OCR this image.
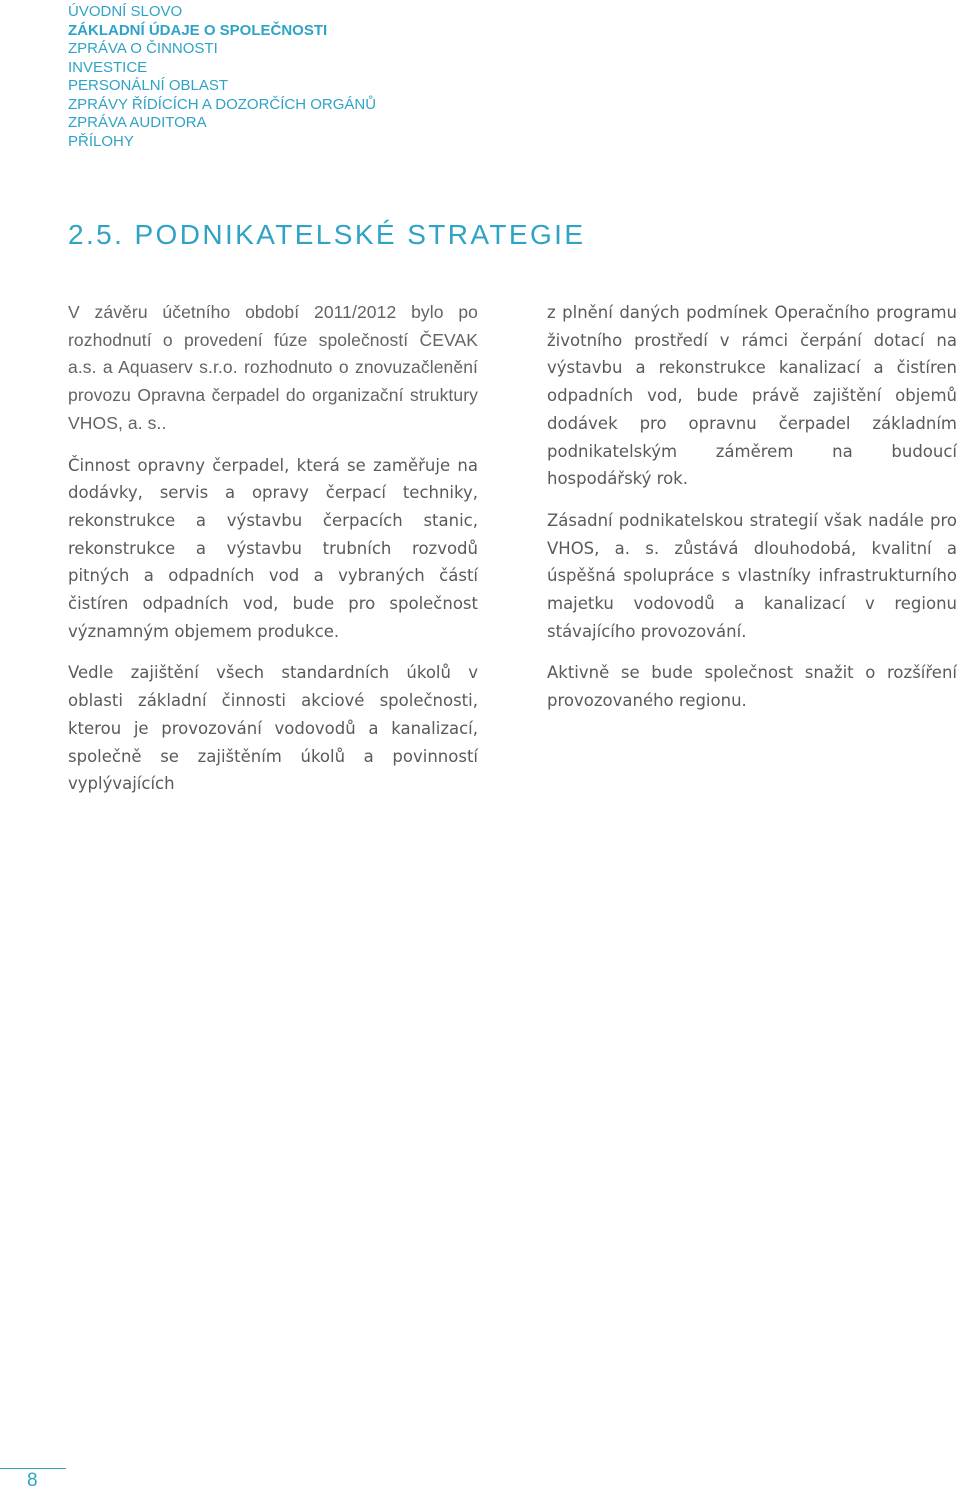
ÚVODNÍ SLOVO
ZÁKLADNÍ ÚDAJE O SPOLEČNOSTI
ZPRÁVA O ČINNOSTI
INVESTICE
PERSONÁLNÍ OBLAST
ZPRÁVY ŘÍDÍCÍCH A DOZORČÍCH ORGÁNŮ
ZPRÁVA AUDITORA
PŘÍLOHY
2.5. PODNIKATELSKÉ STRATEGIE

V závěru účetního období 2011/2012 bylo po rozhodnutí o provedení fúze společností ČEVAK a.s. a Aquaserv s.r.o. rozhodnuto o znovuzačlenění provozu Opravna čerpadel do organizační struktury VHOS, a. s..

Činnost opravny čerpadel, která se zaměřuje na dodávky, servis a opravy čerpací techniky, rekonstrukce a výstavbu čerpacích stanic, rekonstrukce a výstavbu trubních rozvodů pitných a odpadních vod a vybraných částí čistíren odpadních vod, bude pro společnost významným objemem produkce.

Vedle zajištění všech standardních úkolů v oblasti základní činnosti akciové společnosti, kterou je provozování vodovodů a kanalizací, společně se zajištěním úkolů a povinností vyplývajících

z plnění daných podmínek Operačního programu životního prostředí v rámci čerpání dotací na výstavbu a rekonstrukce kanalizací a čistíren odpadních vod, bude právě zajištění objemů dodávek pro opravnu čerpadel základním podnikatelským záměrem na budoucí hospodářský rok.

Zásadní podnikatelskou strategií však nadále pro VHOS, a. s. zůstává dlouhodobá, kvalitní a úspěšná spolupráce s vlastníky infrastrukturního majetku vodovodů a kanalizací v regionu stávajícího provozování.

Aktivně se bude společnost snažit o rozšíření provozovaného regionu.

8
